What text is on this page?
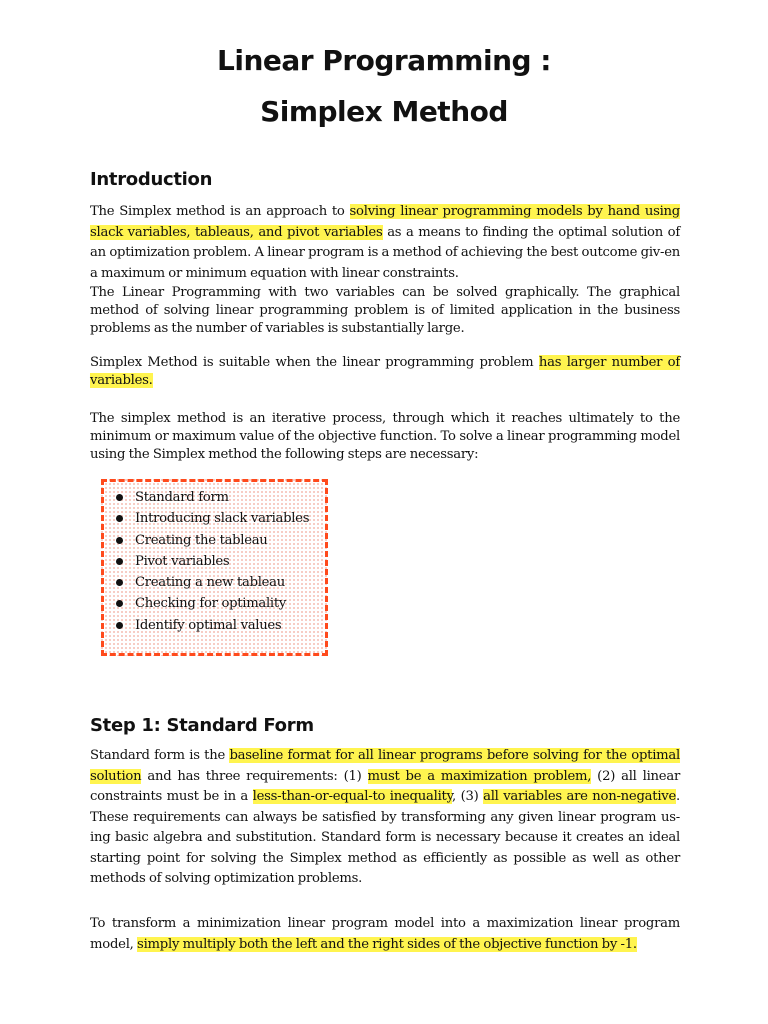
Linear Programming :
Simplex Method
Introduction

The Simplex method is an approach to solving linear programming models by hand using slack variables, tableaus, and pivot variables as a means to finding the optimal solution of an optimization problem. A linear program is a method of achieving the best outcome giv-en a maximum or minimum equation with linear constraints.

The Linear Programming with two variables can be solved graphically. The graphical method of solving linear programming problem is of limited application in the business problems as the number of variables is substantially large.

Simplex Method is suitable when the linear programming problem has larger number of variables.

The simplex method is an iterative process, through which it reaches ultimately to the minimum or maximum value of the objective function. To solve a linear programming model using the Simplex method the following steps are necessary:

Standard form
Introducing slack variables
Creating the tableau
Pivot variables
Creating a new tableau
Checking for optimality
Identify optimal values
Step 1: Standard Form

Standard form is the baseline format for all linear programs before solving for the optimal solution and has three requirements: (1) must be a maximization problem, (2) all linear constraints must be in a less-than-or-equal-to inequality, (3) all variables are non-negative. These requirements can always be satisfied by transforming any given linear program us-ing basic algebra and substitution. Standard form is necessary because it creates an ideal starting point for solving the Simplex method as efficiently as possible as well as other methods of solving optimization problems.

To transform a minimization linear program model into a maximization linear program model, simply multiply both the left and the right sides of the objective function by -1.
